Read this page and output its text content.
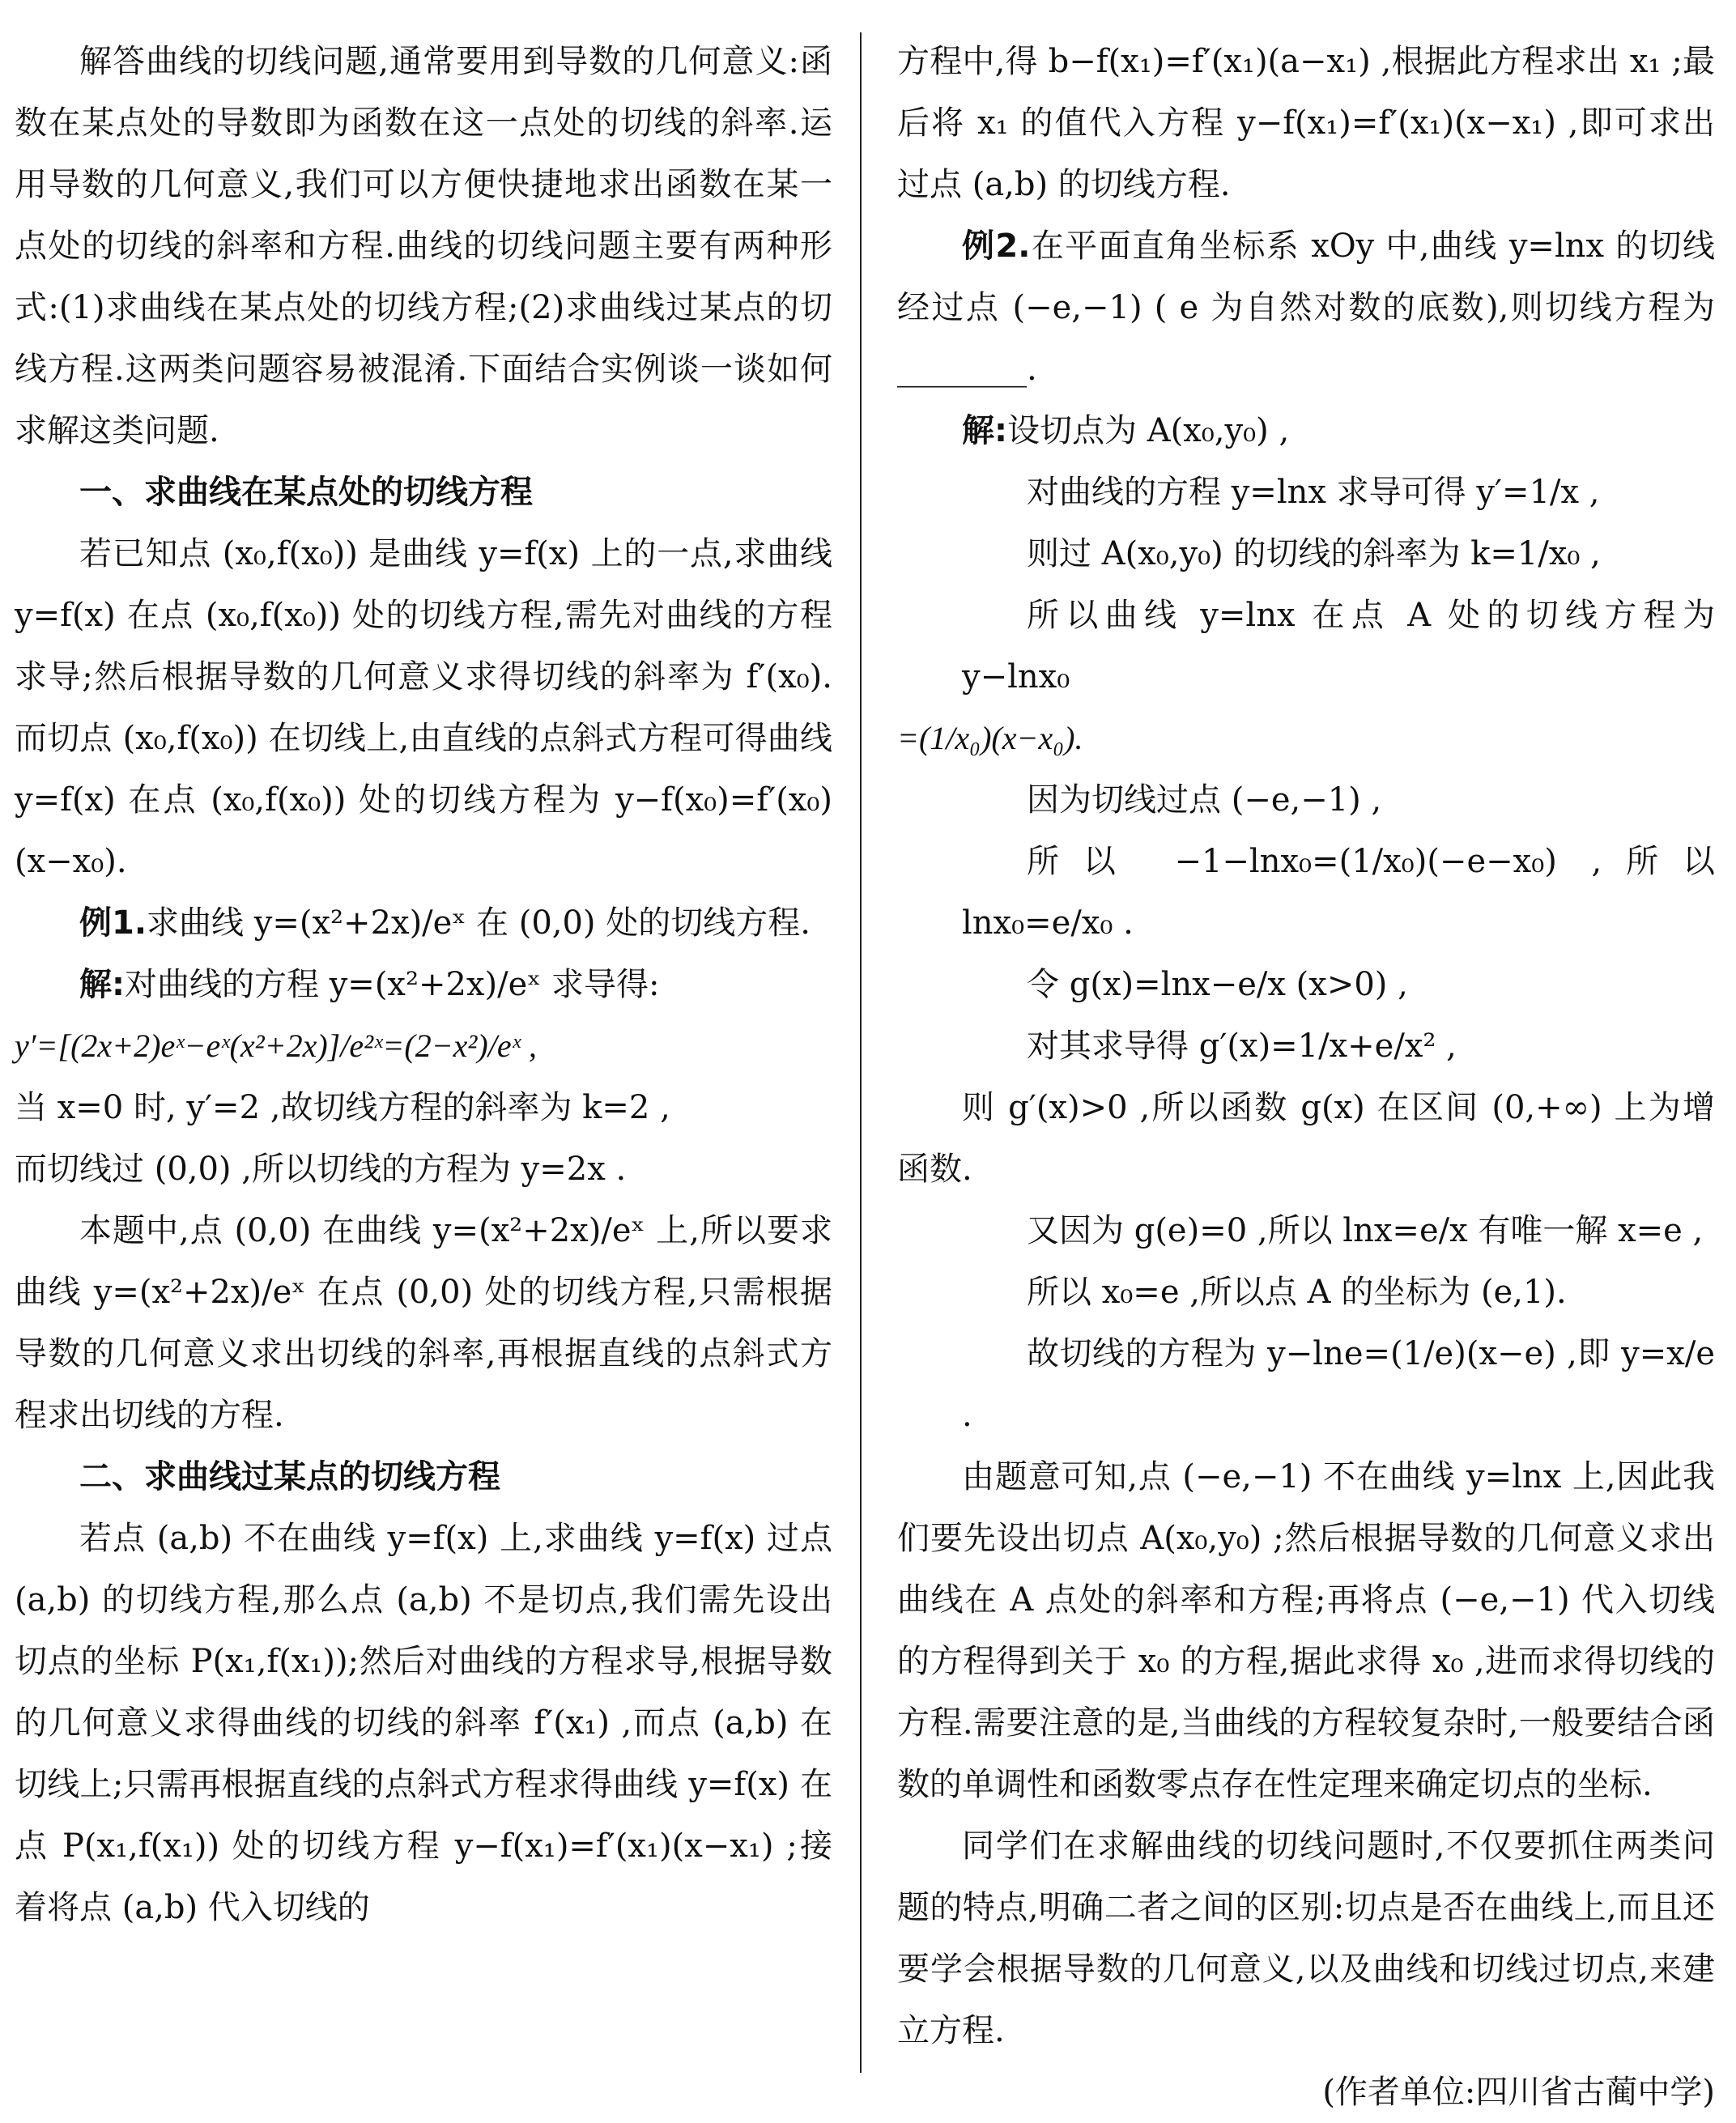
解答曲线的切线问题,通常要用到导数的几何意义:函数在某点处的导数即为函数在这一点处的切线的斜率.运用导数的几何意义,我们可以方便快捷地求出函数在某一点处的切线的斜率和方程.曲线的切线问题主要有两种形式:(1)求曲线在某点处的切线方程;(2)求曲线过某点的切线方程.这两类问题容易被混淆.下面结合实例谈一谈如何求解这类问题.

一、求曲线在某点处的切线方程

若已知点 (x₀,f(x₀)) 是曲线 y=f(x) 上的一点,求曲线 y=f(x) 在点 (x₀,f(x₀)) 处的切线方程,需先对曲线的方程求导;然后根据导数的几何意义求得切线的斜率为 f′(x₀).而切点 (x₀,f(x₀)) 在切线上,由直线的点斜式方程可得曲线 y=f(x) 在点 (x₀,f(x₀)) 处的切线方程为 y−f(x₀)=f′(x₀)(x−x₀).

例1.求曲线 y=(x²+2x)/eˣ 在 (0,0) 处的切线方程.

解:对曲线的方程 y=(x²+2x)/eˣ 求导得:

y′=[(2x+2)eˣ−eˣ(x²+2x)]/e²ˣ=(2−x²)/eˣ ,

当 x=0 时, y′=2 ,故切线方程的斜率为 k=2 ,

而切线过 (0,0) ,所以切线的方程为 y=2x .

本题中,点 (0,0) 在曲线 y=(x²+2x)/eˣ 上,所以要求曲线 y=(x²+2x)/eˣ 在点 (0,0) 处的切线方程,只需根据导数的几何意义求出切线的斜率,再根据直线的点斜式方程求出切线的方程.

二、求曲线过某点的切线方程

若点 (a,b) 不在曲线 y=f(x) 上,求曲线 y=f(x) 过点 (a,b) 的切线方程,那么点 (a,b) 不是切点,我们需先设出切点的坐标 P(x₁,f(x₁));然后对曲线的方程求导,根据导数的几何意义求得曲线的切线的斜率 f′(x₁) ,而点 (a,b) 在切线上;只需再根据直线的点斜式方程求得曲线 y=f(x) 在点 P(x₁,f(x₁)) 处的切线方程 y−f(x₁)=f′(x₁)(x−x₁) ;接着将点 (a,b) 代入切线的

方程中,得 b−f(x₁)=f′(x₁)(a−x₁) ,根据此方程求出 x₁ ;最后将 x₁ 的值代入方程 y−f(x₁)=f′(x₁)(x−x₁) ,即可求出过点 (a,b) 的切线方程.

例2.在平面直角坐标系 xOy 中,曲线 y=lnx 的切线经过点 (−e,−1) ( e 为自然对数的底数),则切线方程为________.

解:设切点为 A(x₀,y₀) ,

对曲线的方程 y=lnx 求导可得 y′=1/x ,

则过 A(x₀,y₀) 的切线的斜率为 k=1/x₀ ,

所以曲线 y=lnx 在点 A 处的切线方程为 y−lnx₀

=(1/x₀)(x−x₀).

因为切线过点 (−e,−1) ,

所以 −1−lnx₀=(1/x₀)(−e−x₀) ,所以 lnx₀=e/x₀ .

令 g(x)=lnx−e/x (x>0) ,

对其求导得 g′(x)=1/x+e/x² ,

则 g′(x)>0 ,所以函数 g(x) 在区间 (0,+∞) 上为增函数.

又因为 g(e)=0 ,所以 lnx=e/x 有唯一解 x=e ,

所以 x₀=e ,所以点 A 的坐标为 (e,1).

故切线的方程为 y−lne=(1/e)(x−e) ,即 y=x/e .

由题意可知,点 (−e,−1) 不在曲线 y=lnx 上,因此我们要先设出切点 A(x₀,y₀) ;然后根据导数的几何意义求出曲线在 A 点处的斜率和方程;再将点 (−e,−1) 代入切线的方程得到关于 x₀ 的方程,据此求得 x₀ ,进而求得切线的方程.需要注意的是,当曲线的方程较复杂时,一般要结合函数的单调性和函数零点存在性定理来确定切点的坐标.

同学们在求解曲线的切线问题时,不仅要抓住两类问题的特点,明确二者之间的区别:切点是否在曲线上,而且还要学会根据导数的几何意义,以及曲线和切线过切点,来建立方程.

(作者单位:四川省古蔺中学)
